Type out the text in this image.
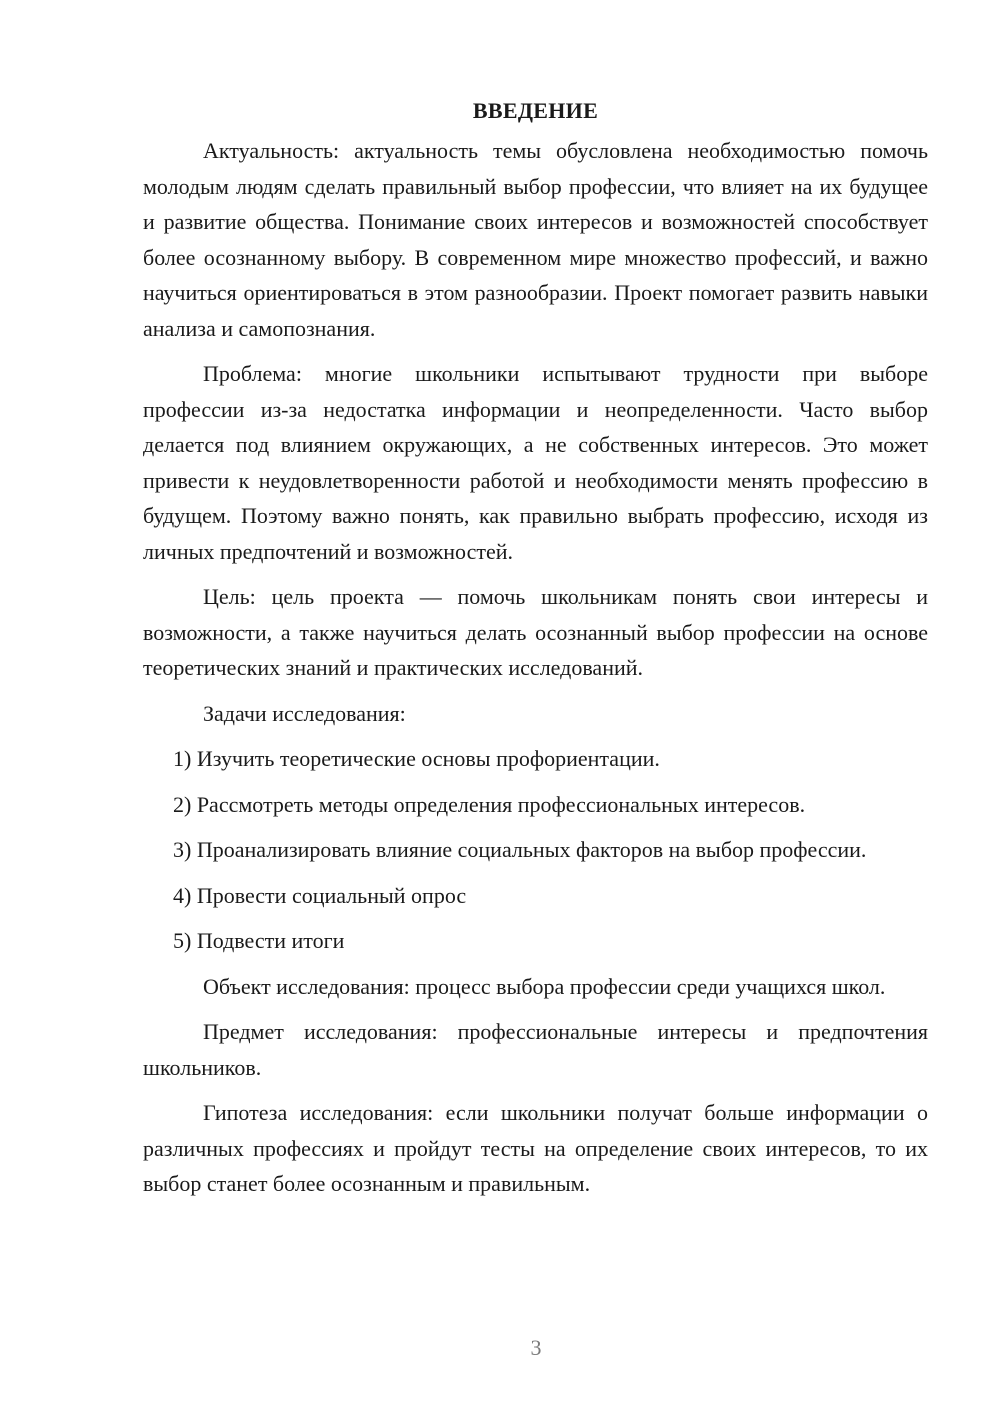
ВВЕДЕНИЕ

Актуальность: актуальность темы обусловлена необходимостью помочь молодым людям сделать правильный выбор профессии, что влияет на их будущее и развитие общества. Понимание своих интересов и возможностей способствует более осознанному выбору. В современном мире множество профессий, и важно научиться ориентироваться в этом разнообразии. Проект помогает развить навыки анализа и самопознания.

Проблема: многие школьники испытывают трудности при выборе профессии из-за недостатка информации и неопределенности. Часто выбор делается под влиянием окружающих, а не собственных интересов. Это может привести к неудовлетворенности работой и необходимости менять профессию в будущем. Поэтому важно понять, как правильно выбрать профессию, исходя из личных предпочтений и возможностей.

Цель: цель проекта — помочь школьникам понять свои интересы и возможности, а также научиться делать осознанный выбор профессии на основе теоретических знаний и практических исследований.

Задачи исследования:

1) Изучить теоретические основы профориентации.

2) Рассмотреть методы определения профессиональных интересов.

3) Проанализировать влияние социальных факторов на выбор профессии.

4) Провести социальный опрос

5) Подвести итоги

Объект исследования: процесс выбора профессии среди учащихся школ.

Предмет исследования: профессиональные интересы и предпочтения школьников.

Гипотеза исследования: если школьники получат больше информации о различных профессиях и пройдут тесты на определение своих интересов, то их выбор станет более осознанным и правильным.

3
